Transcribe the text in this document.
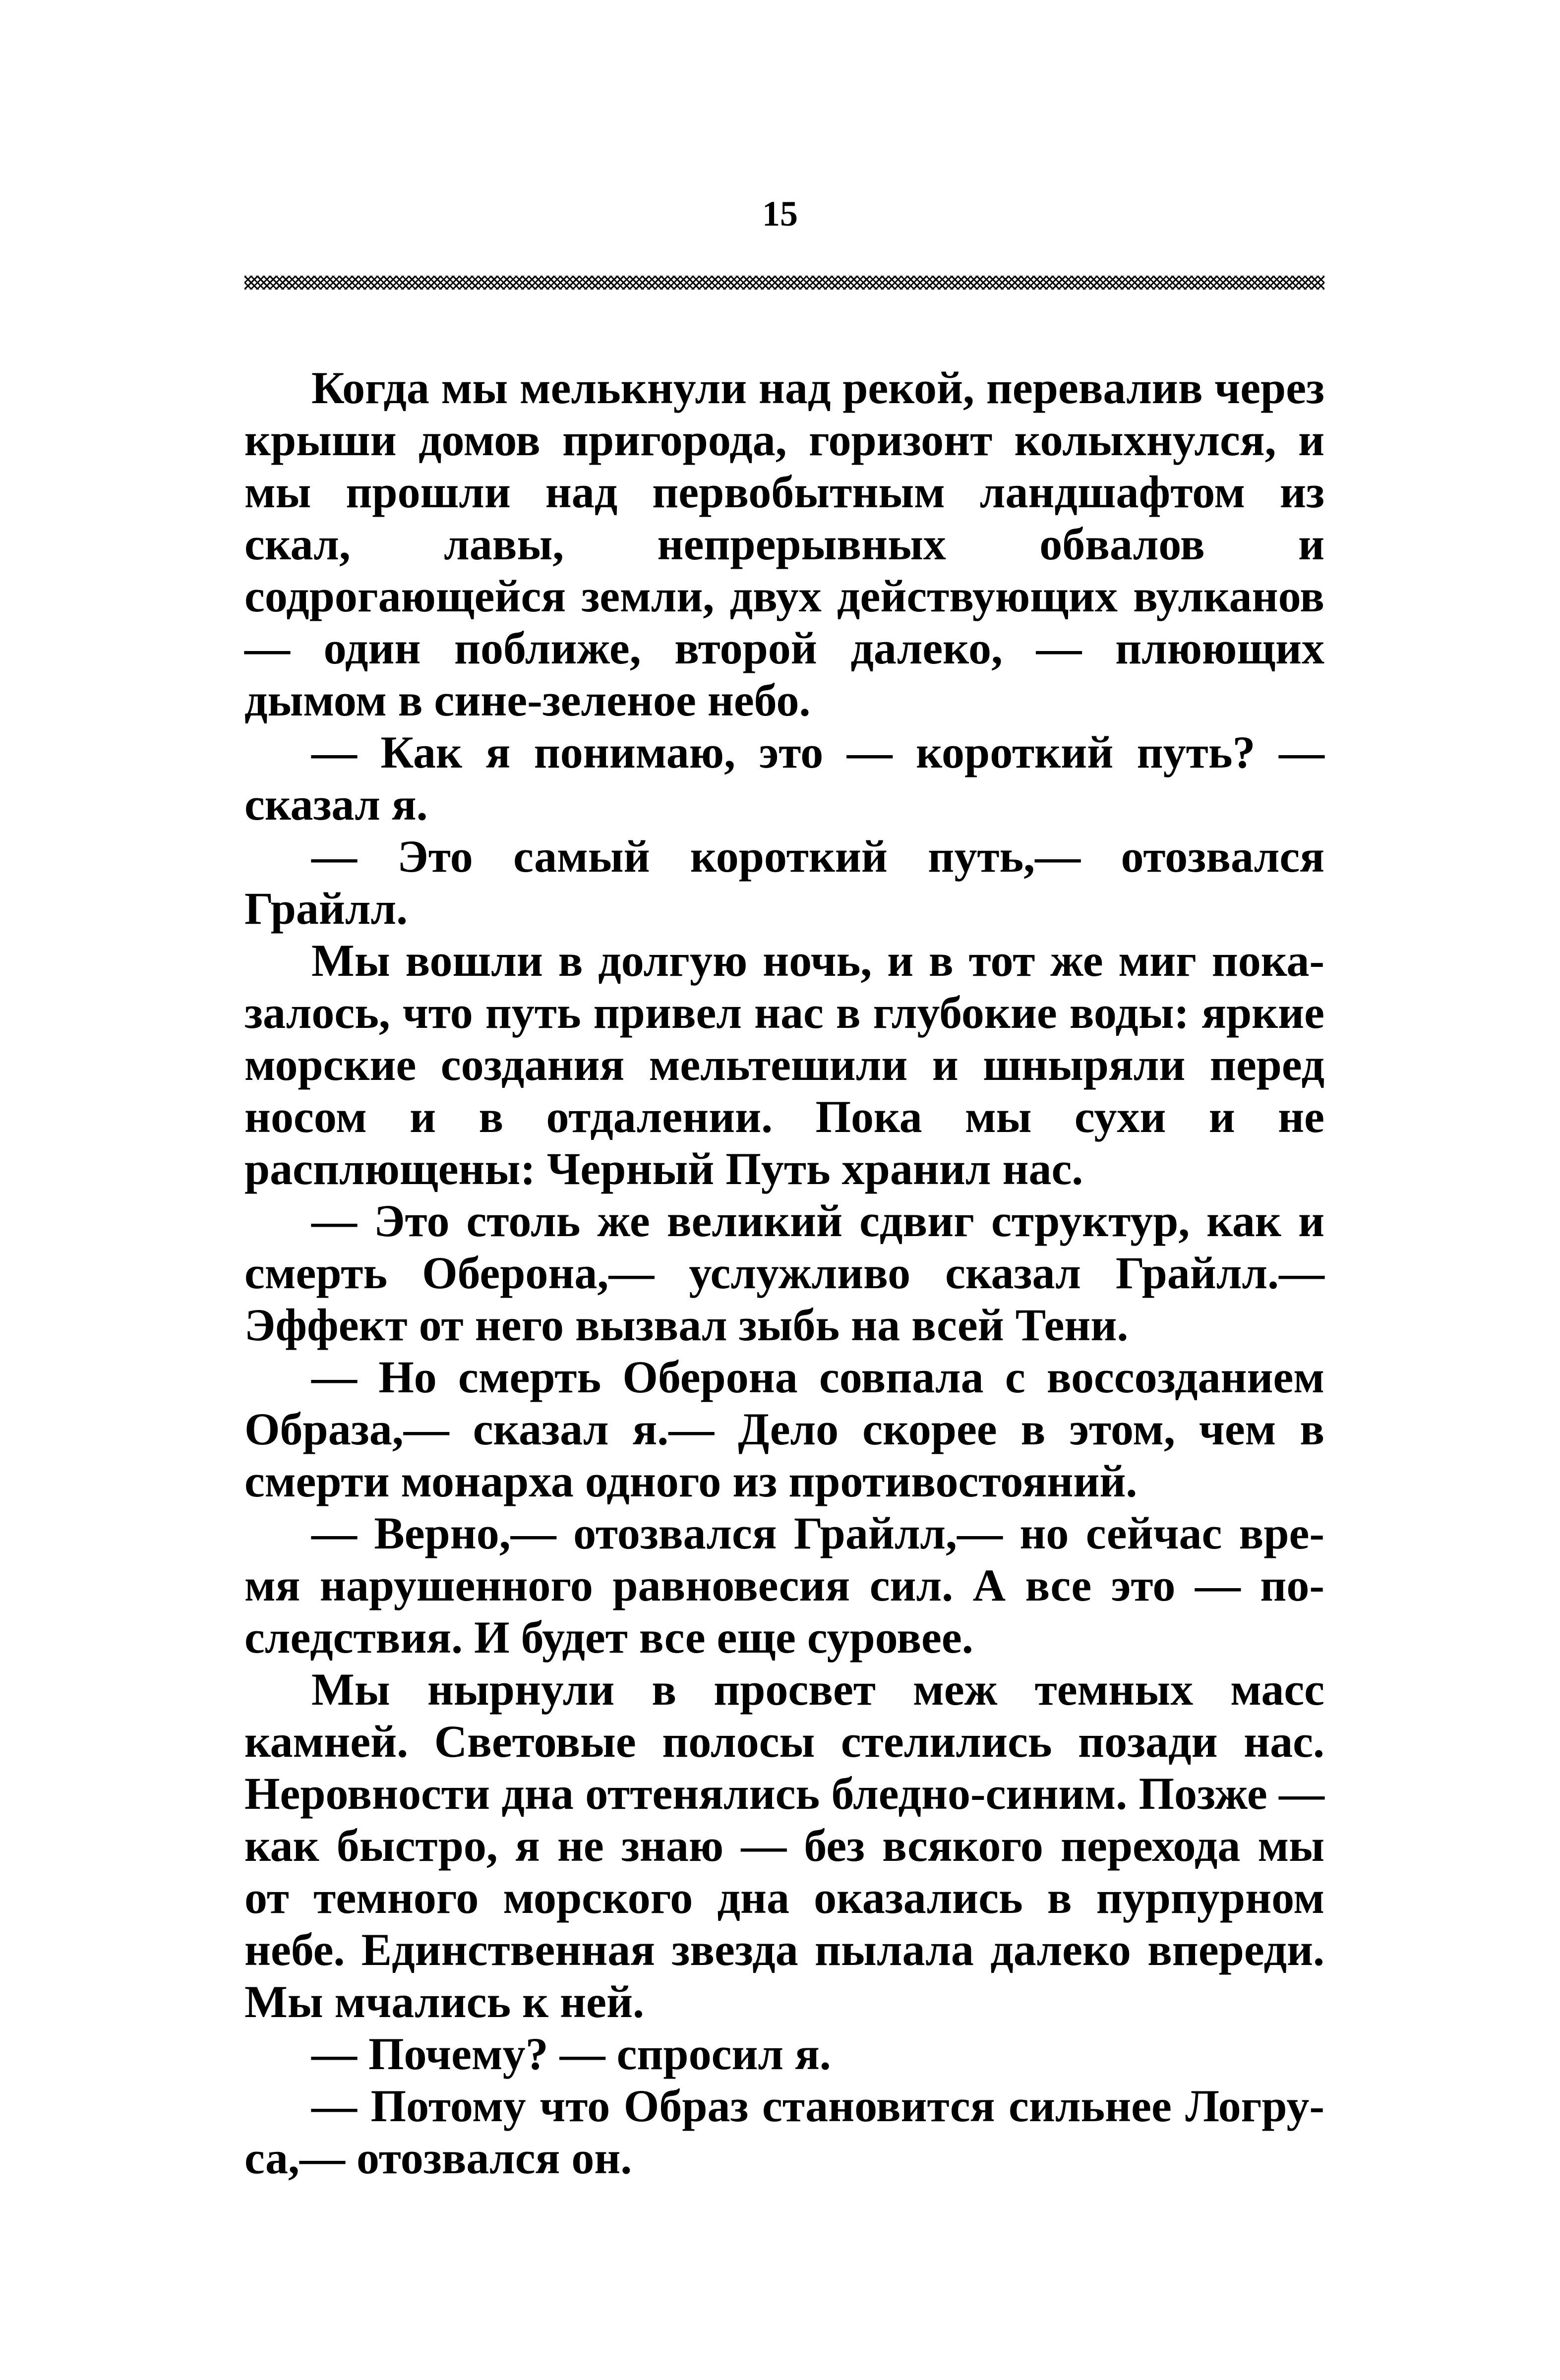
15

Когда мы мелькнули над рекой, перевалив через крыши домов пригорода, горизонт колыхнулся, и мы прошли над первобытным ландшафтом из скал, лавы, непрерывных обвалов и содрогающейся земли, двух действующих вулканов — один поближе, второй далеко, — плюющих дымом в сине-зеленое небо.

— Как я понимаю, это — короткий путь? — сказал я.

— Это самый короткий путь,— отозвался Грайлл.

Мы вошли в долгую ночь, и в тот же миг показалось, что путь привел нас в глубокие воды: яркие морские создания мельтешили и шныряли перед носом и в отдалении. Пока мы сухи и не расплющены: Черный Путь хранил нас.

— Это столь же великий сдвиг структур, как и смерть Оберона,— услужливо сказал Грайлл.— Эффект от него вызвал зыбь на всей Тени.

— Но смерть Оберона совпала с воссозданием Образа,— сказал я.— Дело скорее в этом, чем в смерти монарха одного из противостояний.

— Верно,— отозвался Грайлл,— но сейчас время нарушенного равновесия сил. А все это — последствия. И будет все еще суровее.

Мы нырнули в просвет меж темных масс камней. Световые полосы стелились позади нас. Неровности дна оттенялись бледно-синим. Позже — как быстро, я не знаю — без всякого перехода мы от темного морского дна оказались в пурпурном небе. Единственная звезда пылала далеко впереди. Мы мчались к ней.

— Почему? — спросил я.

— Потому что Образ становится сильнее Логруса,— отозвался он.
